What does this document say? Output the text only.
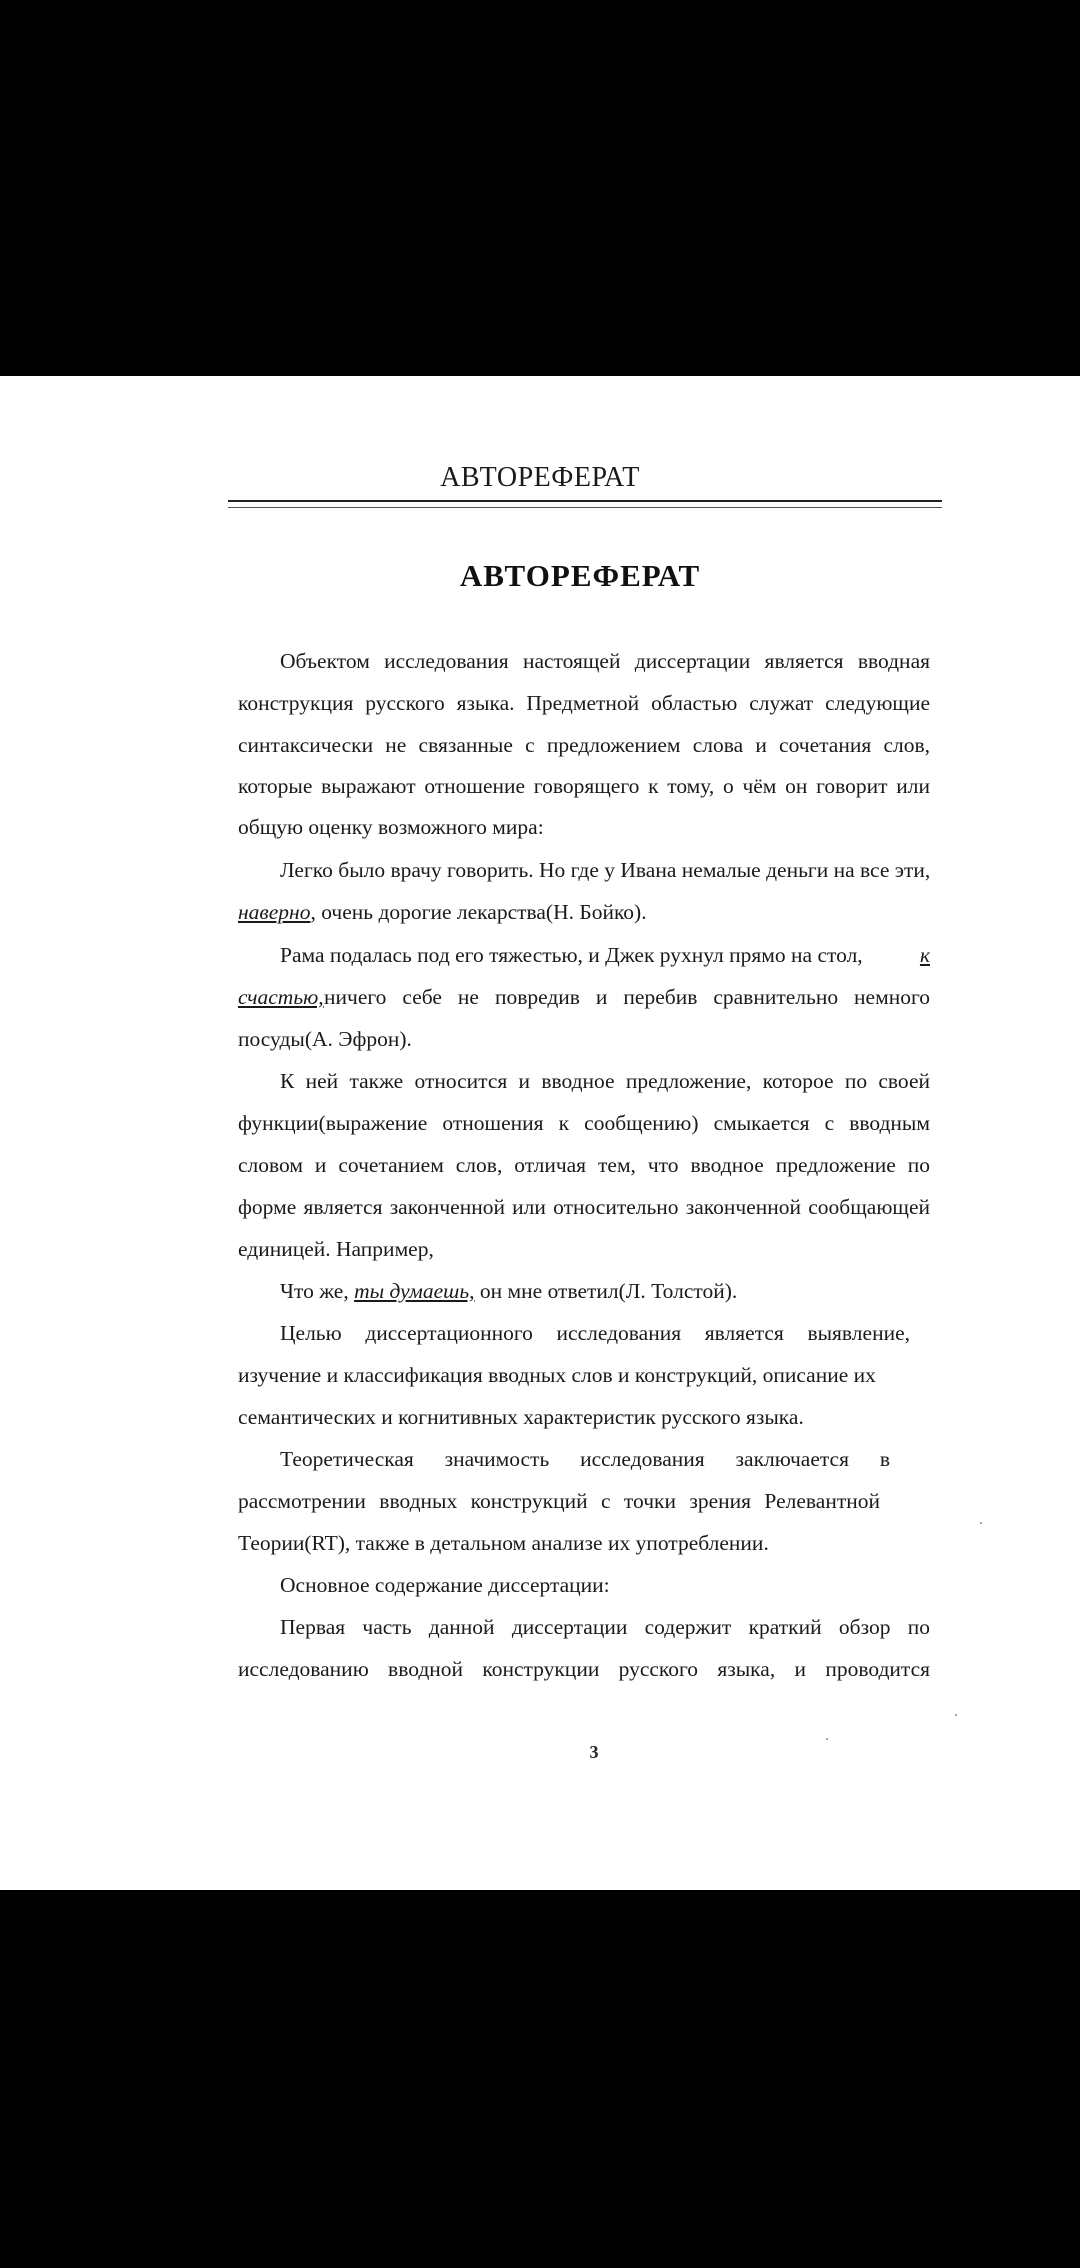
АВТОРЕФЕРАТ
АВТОРЕФЕРАТ
Объектом исследования настоящей диссертации является вводная
конструкция русского языка. Предметной областью служат следующие
синтаксически не связанные с предложением слова и сочетания слов,
которые выражают отношение говорящего к тому, о чём он говорит или
общую оценку возможного мира:
Легко было врачу говорить. Но где у Ивана немалые деньги на все эти,
наверно, очень дорогие лекарства(Н. Бойко).
Рама подалась под его тяжестью, и Джек рухнул прямо на стол,	к
счастью, ничего себе не повредив и перебив сравнительно немного
посуды(А. Эфрон).
К ней также относится и вводное предложение, которое по своей
функции(выражение отношения к сообщению) смыкается с вводным
словом и сочетанием слов, отличая тем, что вводное предложение по
форме является законченной или относительно законченной сообщающей
единицей. Например,
Что же, ты думаешь, он мне ответил(Л. Толстой).
Целью диссертационного исследования является выявление,
изучение и классификация вводных слов и конструкций, описание их
семантических и когнитивных характеристик русского языка.
Теоретическая значимость исследования заключается в
рассмотрении вводных конструкций с точки зрения Релевантной
Теории(RT), также в детальном анализе их употреблении.
Основное содержание диссертации:
Первая часть данной диссертации содержит краткий обзор по
исследованию вводной конструкции русского языка, и проводится
3
